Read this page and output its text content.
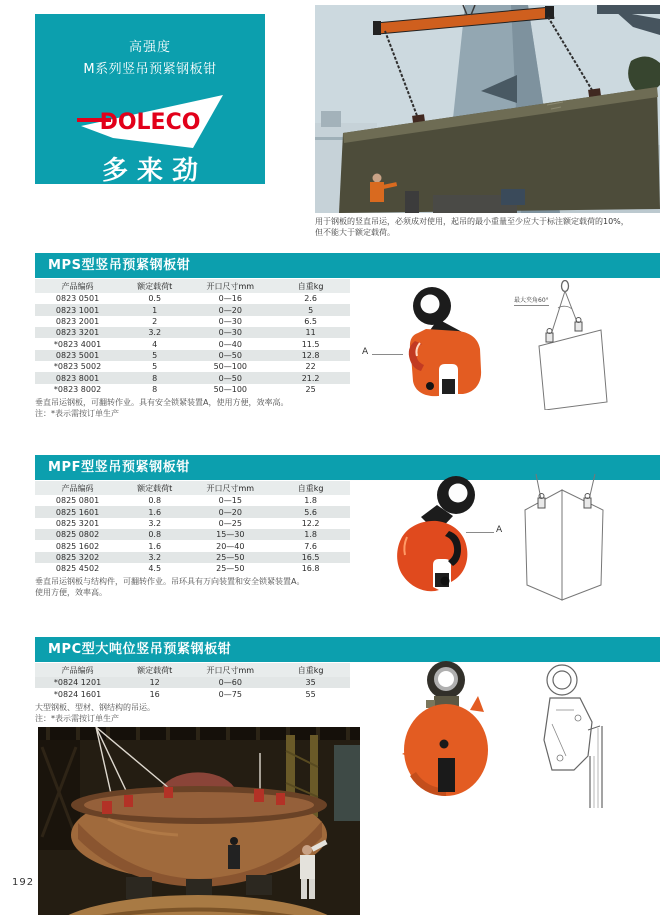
高强度
M系列竖吊预紧钢板钳
DOLECO
多来劲
用于钢板的竖直吊运，必须成对使用，起吊的最小重量至少应大于标注额定载荷的10%，
但不能大于额定载荷。
MPS型竖吊预紧钢板钳
产品编码	额定载荷t	开口尺寸mm	自重kg
0823 0501	0.5	0—16	2.6
0823 1001	1	0—20	5
0823 2001	2	0—30	6.5
0823 3201	3.2	0—30	11
*0823 4001	4	0—40	11.5
0823 5001	5	0—50	12.8
*0823 5002	5	50—100	22
0823 8001	8	0—50	21.2
*0823 8002	8	50—100	25
垂直吊运钢板，可翻转作业。具有安全锁紧装置A，使用方便，效率高。
注：*表示需按订单生产
A
最大夹角60°
MPF型竖吊预紧钢板钳
产品编码	额定载荷t	开口尺寸mm	自重kg
0825 0801	0.8	0—15	1.8
0825 1601	1.6	0—20	5.6
0825 3201	3.2	0—25	12.2
0825 0802	0.8	15—30	1.8
0825 1602	1.6	20—40	7.6
0825 3202	3.2	25—50	16.5
0825 4502	4.5	25—50	16.8
垂直吊运钢板与结构件，可翻转作业。吊环具有万向装置和安全锁紧装置A。
使用方便，效率高。
A
MPC型大吨位竖吊预紧钢板钳
产品编码	额定载荷t	开口尺寸mm	自重kg
*0824 1201	12	0—60	35
*0824 1601	16	0—75	55
大型钢板、型材、钢结构的吊运。
注：*表示需按订单生产
192
